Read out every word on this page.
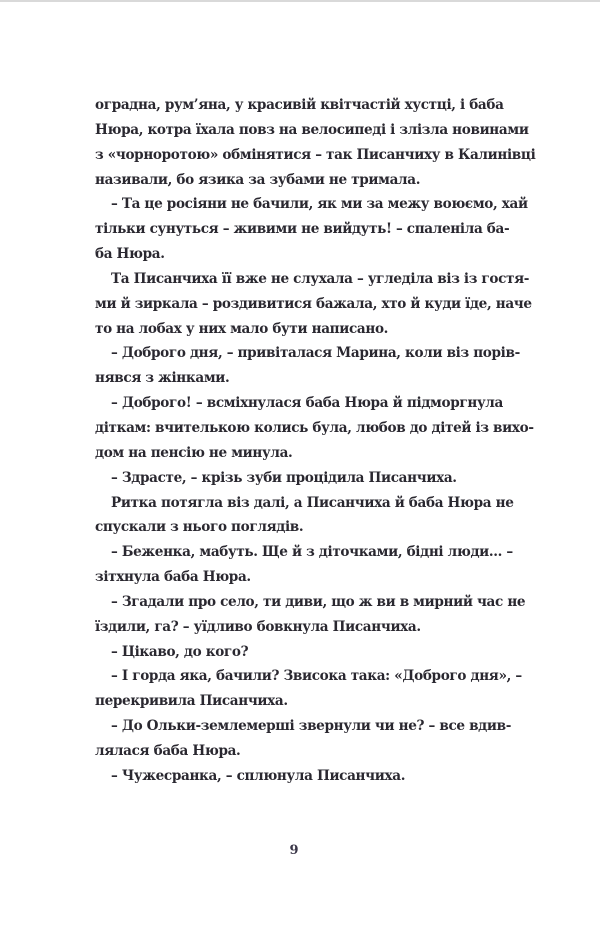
оградна, рум’яна, у красивій квітчастій хустці, і баба
Нюра, котра їхала повз на велосипеді і злізла новинами
з «чорноротою» обмінятися – так Писанчиху в Калинівці
називали, бо язика за зубами не тримала.
– Та це росіяни не бачили, як ми за межу воюємо, хай
тільки сунуться – живими не вийдуть! – спаленіла ба-
ба Нюра.
Та Писанчиха її вже не слухала – угледіла віз із гостя-
ми й зиркала – роздивитися бажала, хто й куди їде, наче
то на лобах у них мало бути написано.
– Доброго дня, – привіталася Марина, коли віз порів-
нявся з жінками.
– Доброго! – всміхнулася баба Нюра й підморгнула
діткам: вчителькою колись була, любов до дітей із вихо-
дом на пенсію не минула.
– Здрасте, – крізь зуби процідила Писанчиха.
Ритка потягла віз далі, а Писанчиха й баба Нюра не
спускали з нього поглядів.
– Беженка, мабуть. Ще й з діточками, бідні люди... –
зітхнула баба Нюра.
– Згадали про село, ти диви, що ж ви в мирний час не
їздили, га? – уїдливо бовкнула Писанчиха.
– Цікаво, до кого?
– І горда яка, бачили? Звисока така: «Доброго дня», –
перекривила Писанчиха.
– До Ольки-землемерші звернули чи не? – все вдив-
лялася баба Нюра.
– Чужесранка, – сплюнула Писанчиха.
9
